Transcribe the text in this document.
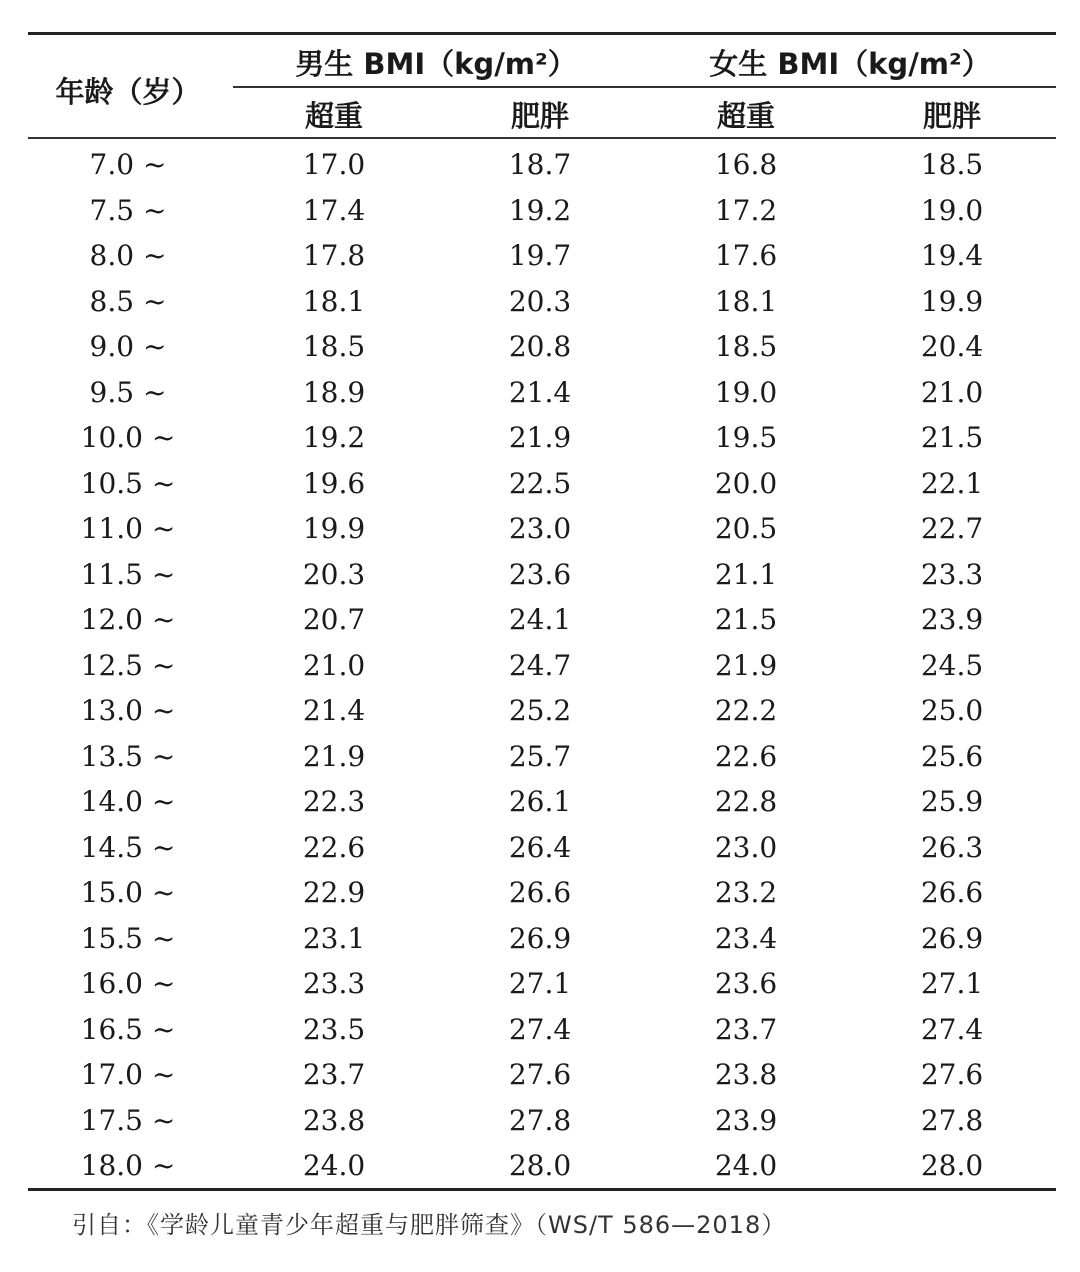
年龄（岁）
男生 BMI（kg/m²）	女生 BMI（kg/m²）
超重	肥胖	超重	肥胖
7.0 ~	17.0	18.7	16.8	18.5
7.5 ~	17.4	19.2	17.2	19.0
8.0 ~	17.8	19.7	17.6	19.4
8.5 ~	18.1	20.3	18.1	19.9
9.0 ~	18.5	20.8	18.5	20.4
9.5 ~	18.9	21.4	19.0	21.0
10.0 ~	19.2	21.9	19.5	21.5
10.5 ~	19.6	22.5	20.0	22.1
11.0 ~	19.9	23.0	20.5	22.7
11.5 ~	20.3	23.6	21.1	23.3
12.0 ~	20.7	24.1	21.5	23.9
12.5 ~	21.0	24.7	21.9	24.5
13.0 ~	21.4	25.2	22.2	25.0
13.5 ~	21.9	25.7	22.6	25.6
14.0 ~	22.3	26.1	22.8	25.9
14.5 ~	22.6	26.4	23.0	26.3
15.0 ~	22.9	26.6	23.2	26.6
15.5 ~	23.1	26.9	23.4	26.9
16.0 ~	23.3	27.1	23.6	27.1
16.5 ~	23.5	27.4	23.7	27.4
17.0 ~	23.7	27.6	23.8	27.6
17.5 ~	23.8	27.8	23.9	27.8
18.0 ~	24.0	28.0	24.0	28.0
引自：《学龄儿童青少年超重与肥胖筛查》（WS/T 586—2018）
